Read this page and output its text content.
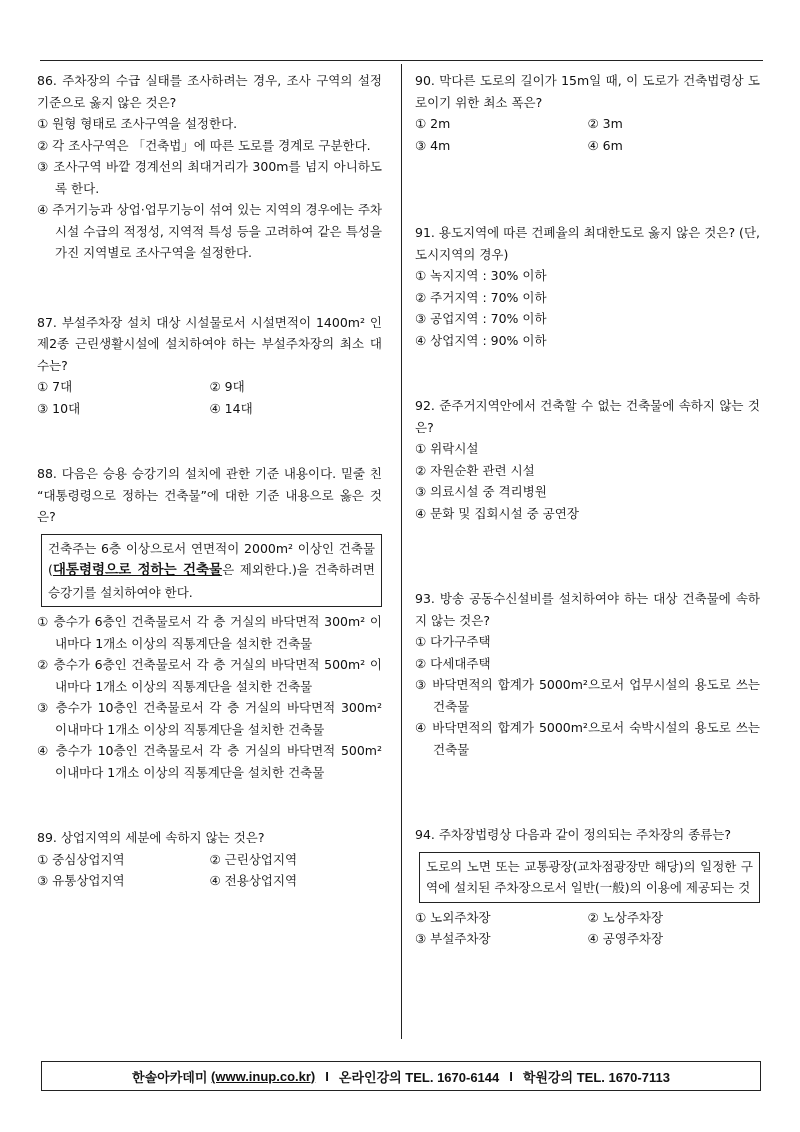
86. 주차장의 수급 실태를 조사하려는 경우, 조사 구역의 설정 기준으로 옳지 않은 것은?

① 원형 형태로 조사구역을 설정한다.

② 각 조사구역은 「건축법」에 따른 도로를 경계로 구분한다.

③ 조사구역 바깥 경계선의 최대거리가 300m를 넘지 아니하도록 한다.

④ 주거기능과 상업·업무기능이 섞여 있는 지역의 경우에는 주차시설 수급의 적정성, 지역적 특성 등을 고려하여 같은 특성을 가진 지역별로 조사구역을 설정한다.

87. 부설주차장 설치 대상 시설물로서 시설면적이 1400m² 인 제2종 근린생활시설에 설치하여야 하는 부설주차장의 최소 대수는?

① 7대	② 9대
③ 10대	④ 14대

88. 다음은 승용 승강기의 설치에 관한 기준 내용이다. 밑줄 친 “대통령령으로 정하는 건축물”에 대한 기준 내용으로 옳은 것은?

건축주는 6층 이상으로서 연면적이 2000m² 이상인 건축물(대통령령으로 정하는 건축물은 제외한다.)을 건축하려면 승강기를 설치하여야 한다.

① 층수가 6층인 건축물로서 각 층 거실의 바닥면적 300m² 이내마다 1개소 이상의 직통계단을 설치한 건축물

② 층수가 6층인 건축물로서 각 층 거실의 바닥면적 500m² 이내마다 1개소 이상의 직통계단을 설치한 건축물

③ 층수가 10층인 건축물로서 각 층 거실의 바닥면적 300m² 이내마다 1개소 이상의 직통계단을 설치한 건축물

④ 층수가 10층인 건축물로서 각 층 거실의 바닥면적 500m² 이내마다 1개소 이상의 직통계단을 설치한 건축물

89. 상업지역의 세분에 속하지 않는 것은?

① 중심상업지역	② 근린상업지역
③ 유통상업지역	④ 전용상업지역

90. 막다른 도로의 길이가 15m일 때, 이 도로가 건축법령상 도로이기 위한 최소 폭은?

① 2m	② 3m
③ 4m	④ 6m

91. 용도지역에 따른 건폐율의 최대한도로 옳지 않은 것은? (단, 도시지역의 경우)

① 녹지지역 : 30% 이하

② 주거지역 : 70% 이하

③ 공업지역 : 70% 이하

④ 상업지역 : 90% 이하

92. 준주거지역안에서 건축할 수 없는 건축물에 속하지 않는 것은?

① 위락시설

② 자원순환 관련 시설

③ 의료시설 중 격리병원

④ 문화 및 집회시설 중 공연장

93. 방송 공동수신설비를 설치하여야 하는 대상 건축물에 속하지 않는 것은?

① 다가구주택

② 다세대주택

③ 바닥면적의 합계가 5000m²으로서 업무시설의 용도로 쓰는 건축물

④ 바닥면적의 합계가 5000m²으로서 숙박시설의 용도로 쓰는 건축물

94. 주차장법령상 다음과 같이 정의되는 주차장의 종류는?

도로의 노면 또는 교통광장(교차점광장만 해당)의 일정한 구역에 설치된 주차장으로서 일반(一般)의 이용에 제공되는 것
① 노외주차장	② 노상주차장
③ 부설주차장	④ 공영주차장
한솔아카데미
(www.inup.co.kr) I 온라인강의 TEL. 1670-6144 I 학원강의 TEL. 1670-7113
